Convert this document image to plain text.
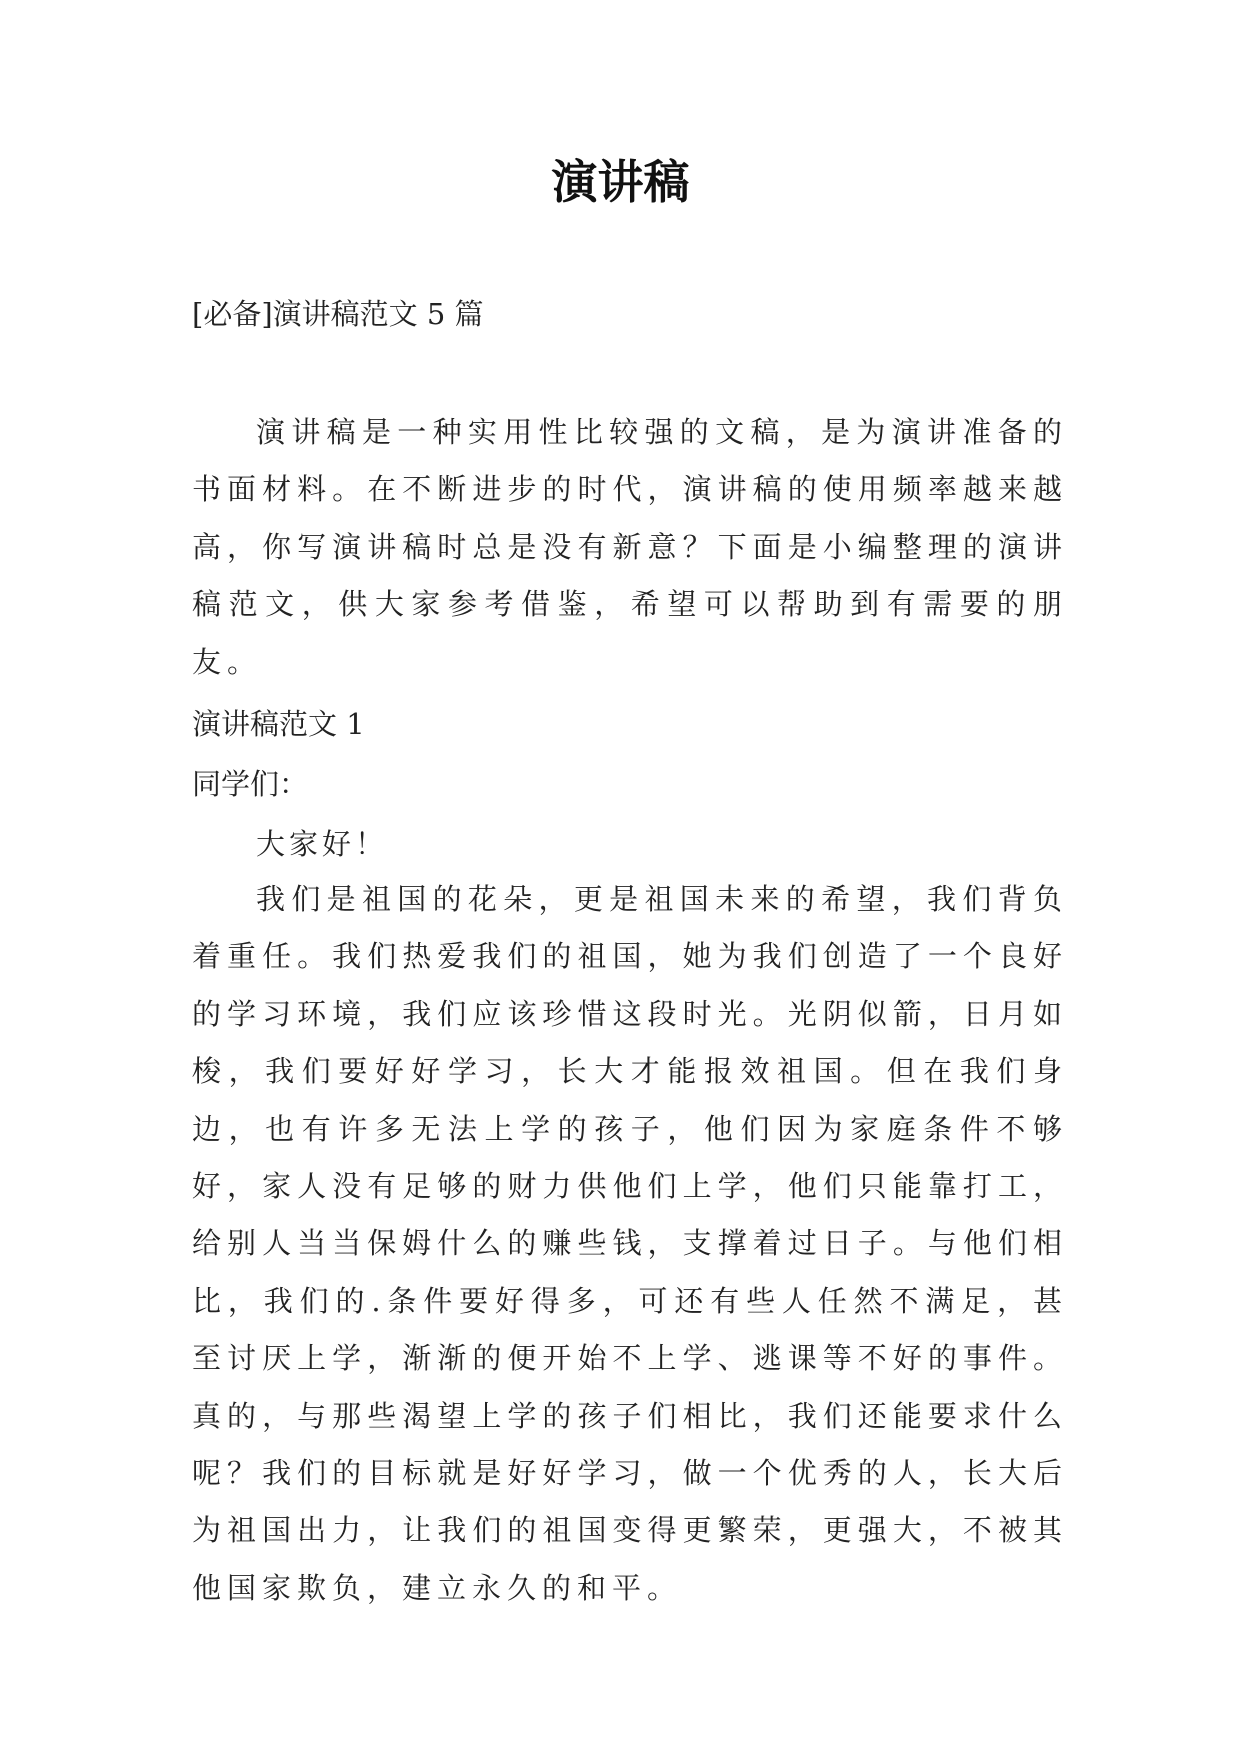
演讲稿
[必备]演讲稿范文 5 篇

演讲稿是一种实用性比较强的文稿，是为演讲准备的书面材料。在不断进步的时代，演讲稿的使用频率越来越高，你写演讲稿时总是没有新意？下面是小编整理的演讲稿范文，供大家参考借鉴，希望可以帮助到有需要的朋友。

演讲稿范文 1
同学们：
大家好！

我们是祖国的花朵，更是祖国未来的希望，我们背负着重任。我们热爱我们的祖国，她为我们创造了一个良好的学习环境，我们应该珍惜这段时光。光阴似箭，日月如梭，我们要好好学习，长大才能报效祖国。但在我们身边，也有许多无法上学的孩子，他们因为家庭条件不够好，家人没有足够的财力供他们上学，他们只能靠打工，给别人当当保姆什么的赚些钱，支撑着过日子。与他们相比，我们的.条件要好得多，可还有些人任然不满足，甚至讨厌上学，渐渐的便开始不上学、逃课等不好的事件。真的，与那些渴望上学的孩子们相比，我们还能要求什么呢？我们的目标就是好好学习，做一个优秀的人，长大后为祖国出力，让我们的祖国变得更繁荣，更强大，不被其他国家欺负，建立永久的和平。
